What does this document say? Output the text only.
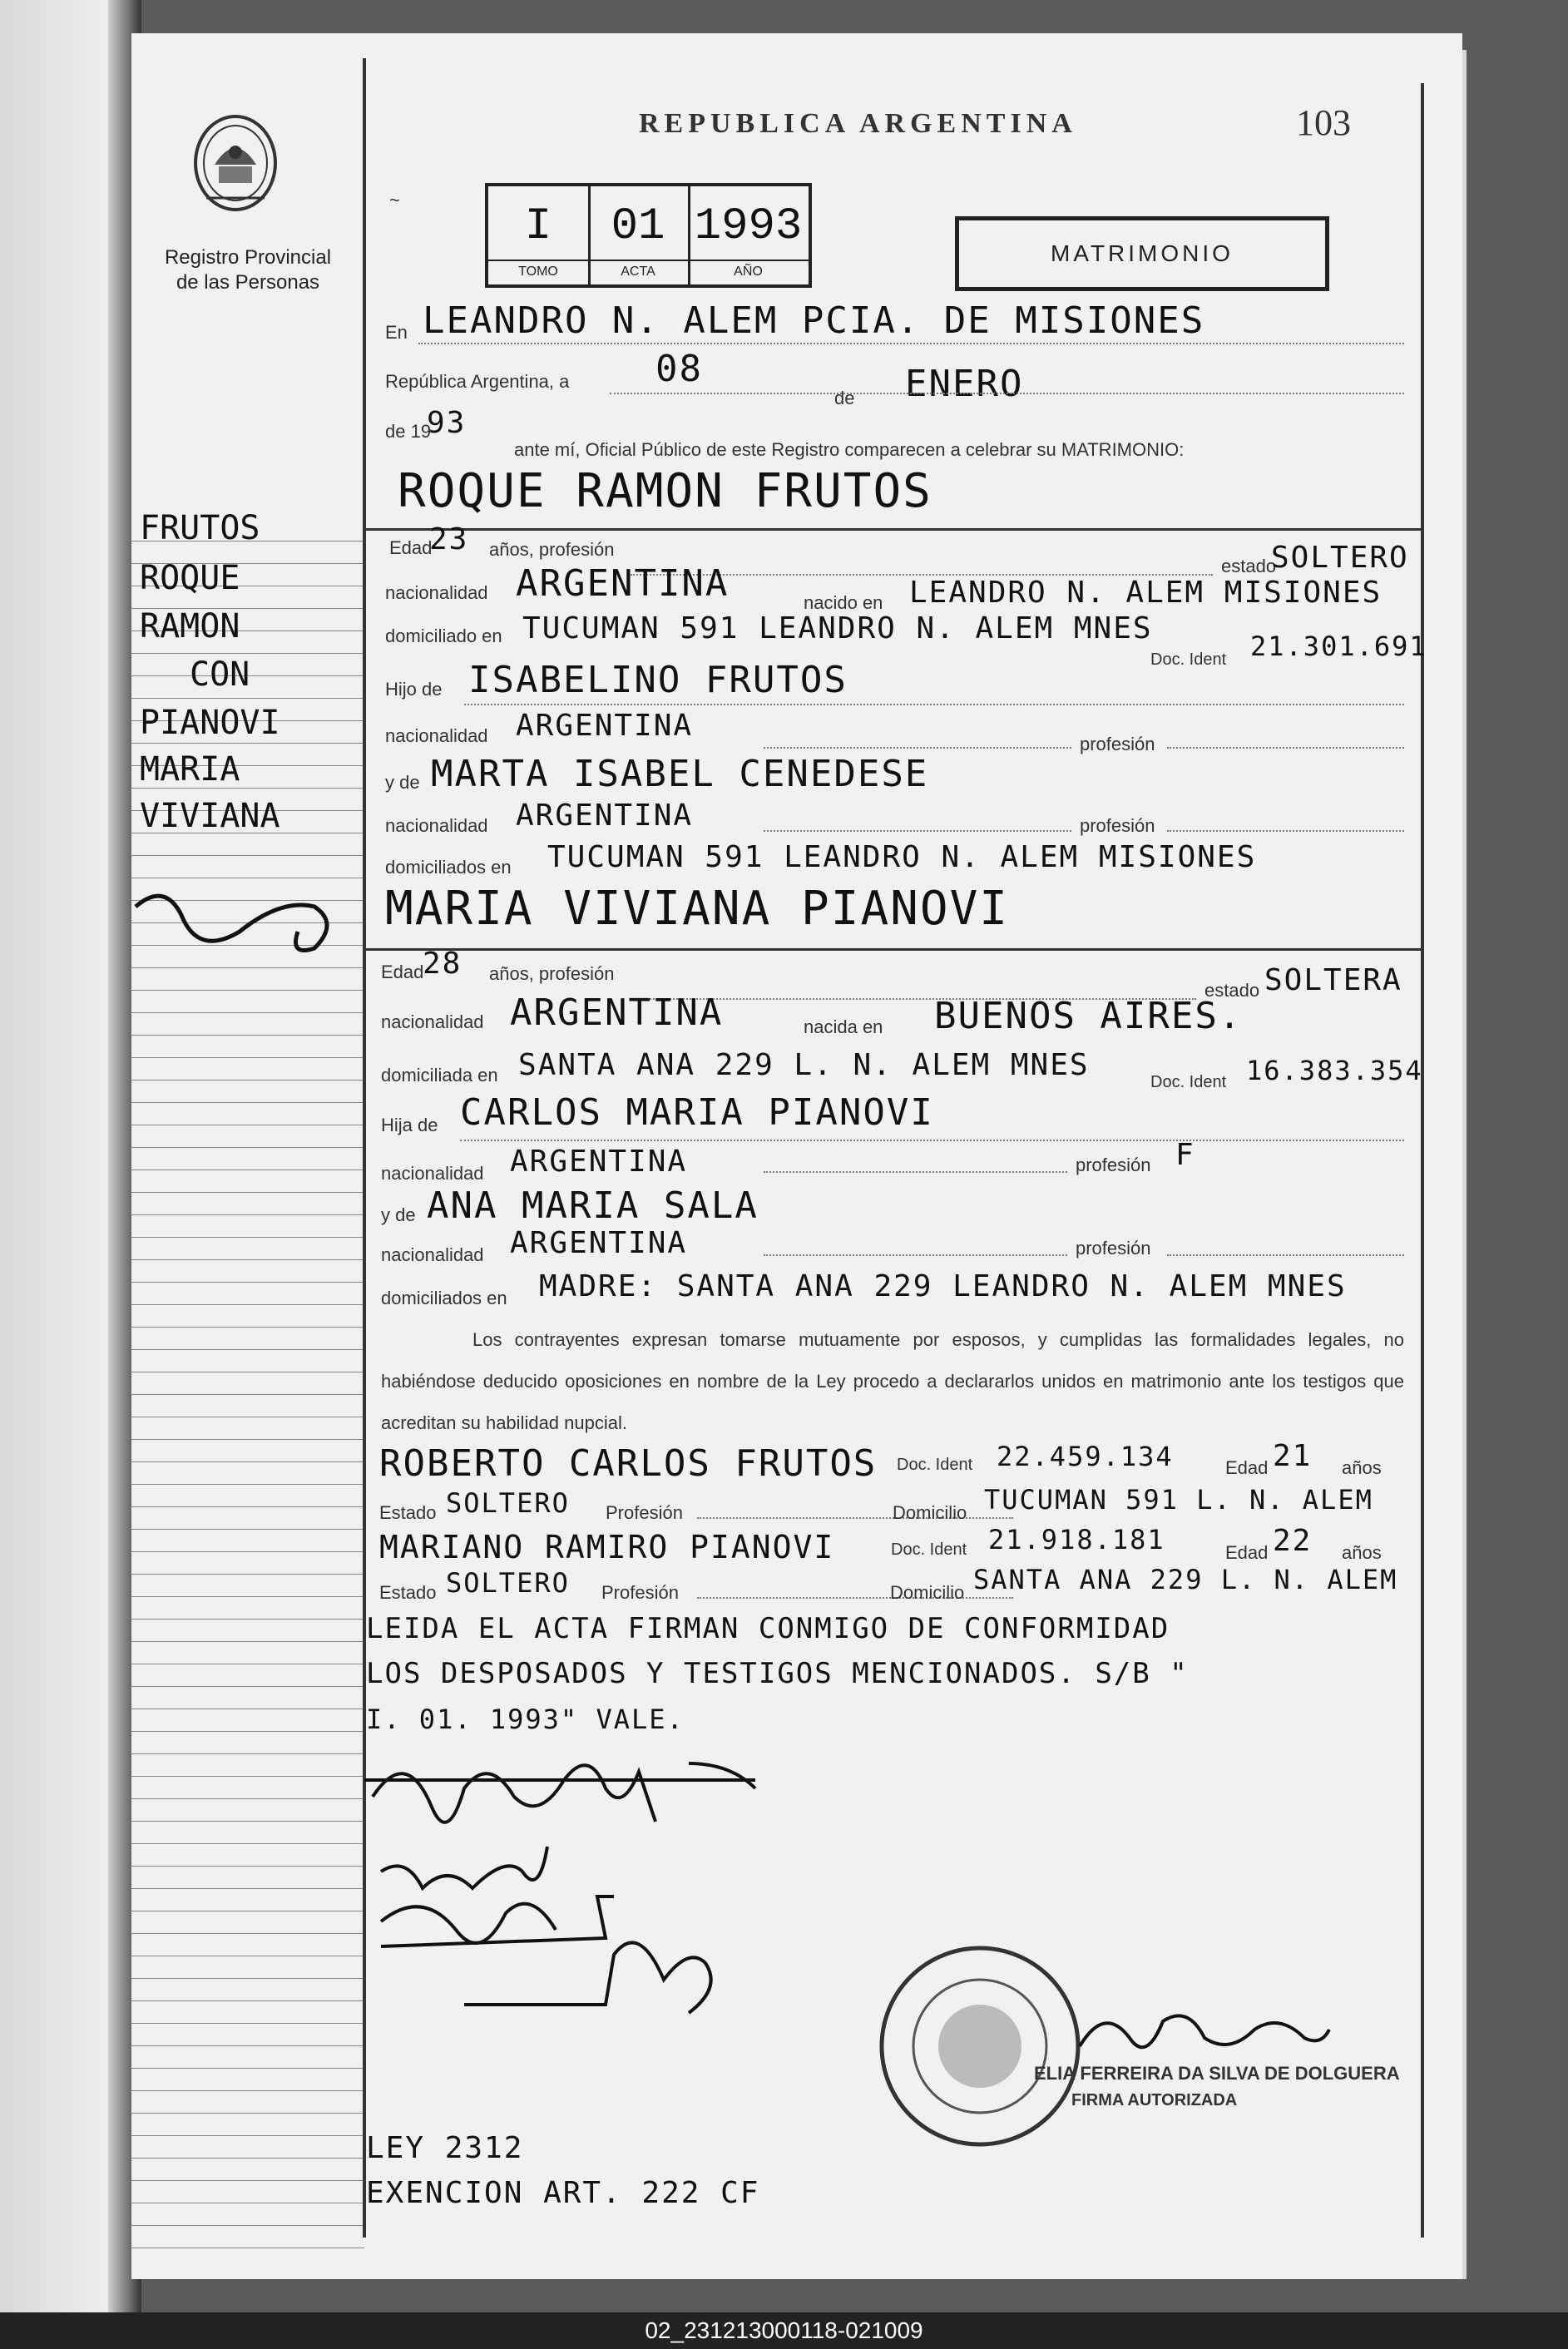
Registro Provincial
de las Personas
REPUBLICA ARGENTINA	103
~
I
TOMO
01
ACTA
1993
AÑO
MATRIMONIO
En LEANDRO N. ALEM PCIA. DE MISIONES
República Argentina, a 08
de ENERO
de 19
93
ante mí, Oficial Público de este Registro comparecen a celebrar su MATRIMONIO:
FRUTOS
ROQUE
RAMON
CON
PIANOVI
MARIA
VIVIANA
ROQUE RAMON FRUTOS
Edad
23 años, profesión
estado
SOLTERO
nacionalidad ARGENTINA	nacido en LEANDRO N. ALEM MISIONES
domiciliado en TUCUMAN 591 LEANDRO N. ALEM MNES
Doc. Ident 21.301.691
Hijo de ISABELINO FRUTOS
nacionalidad ARGENTINA
profesión
y de MARTA ISABEL CENEDESE
nacionalidad ARGENTINA	profesión
domiciliados en TUCUMAN 591 LEANDRO N. ALEM MISIONES
MARIA VIVIANA PIANOVI
Edad
28 años, profesión
estado SOLTERA
nacionalidad ARGENTINA	nacida en BUENOS AIRES.
domiciliada en SANTA ANA 229 L. N. ALEM MNES	Doc. Ident 16.383.354
Hija de CARLOS MARIA PIANOVI
nacionalidad ARGENTINA	profesión F
y de ANA MARIA SALA
nacionalidad ARGENTINA	profesión
domiciliados en MADRE: SANTA ANA 229 LEANDRO N. ALEM MNES
Los contrayentes expresan tomarse mutuamente por esposos, y cumplidas las formalidades legales, no habiéndose deducido oposiciones en nombre de la Ley procedo a declararlos unidos en matrimonio ante los testigos que acreditan su habilidad nupcial.
ROBERTO CARLOS FRUTOS Doc. Ident 22.459.134	Edad 21 años
Estado SOLTERO Profesión	Domicilio TUCUMAN 591 L. N. ALEM
MARIANO RAMIRO PIANOVI	Doc. Ident 21.918.181	Edad 22 años
Estado SOLTERO Profesión	Domicilio SANTA ANA 229 L. N. ALEM
LEIDA EL ACTA FIRMAN CONMIGO DE CONFORMIDAD
LOS DESPOSADOS Y TESTIGOS MENCIONADOS. S/B "
I. 01. 1993" VALE.
ELIA FERREIRA DA SILVA DE DOLGUERA
FIRMA AUTORIZADA
LEY 2312
EXENCION ART. 222 CF
02_231213000118-021009
